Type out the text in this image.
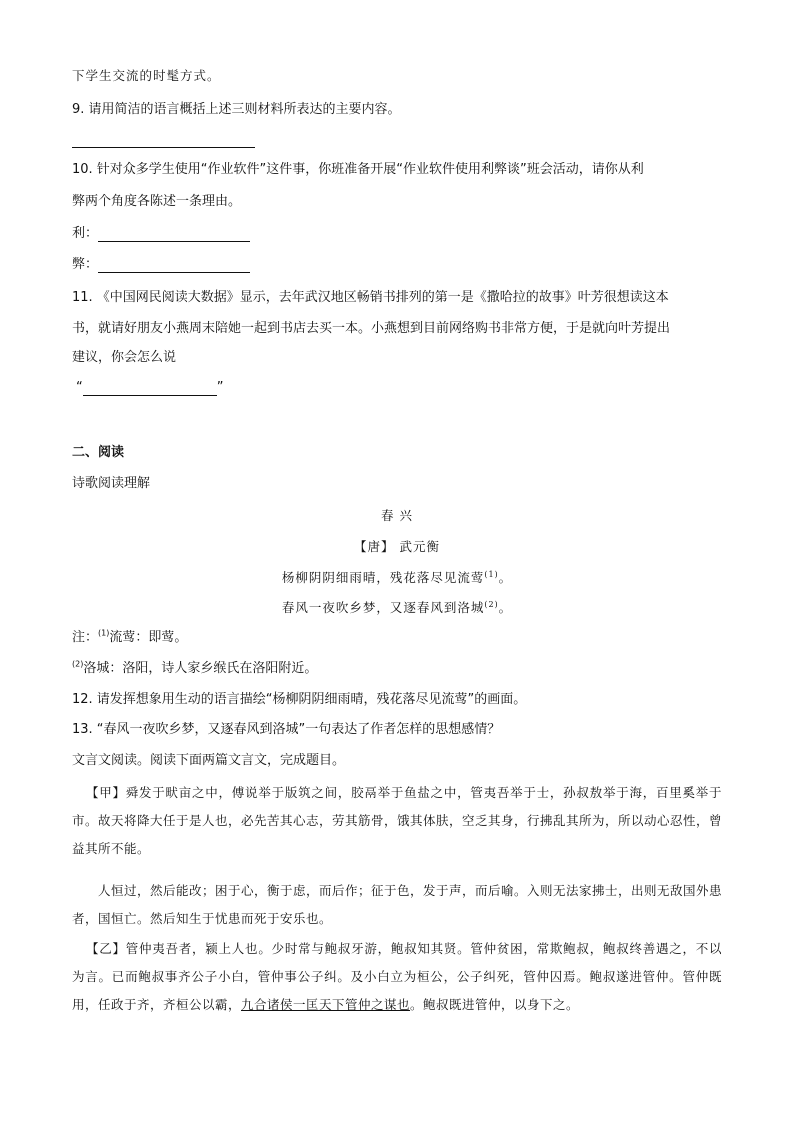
下学生交流的时髦方式。
9. 请用简洁的语言概括上述三则材料所表达的主要内容。
10. 针对众多学生使用“作业软件”这件事，你班准备开展“作业软件使用利弊谈”班会活动，请你从利
弊两个角度各陈述一条理由。
利：
弊：
11. 《中国网民阅读大数据》显示，去年武汉地区畅销书排列的第一是《撒哈拉的故事》叶芳很想读这本
书，就请好朋友小燕周末陪她一起到书店去买一本。小燕想到目前网络购书非常方便，于是就向叶芳提出
建议，你会怎么说
“	”
二、阅读
诗歌阅读理解
春 兴
【唐】 武元衡
杨柳阴阴细雨晴，残花落尽见流莺$^{(1)}$。
春风一夜吹乡梦，又逐春风到洛城$^{(2)}$。
注：$^{(1)}$流莺：即莺。
$^{(2)}$洛城：洛阳，诗人家乡缑氏在洛阳附近。
12. 请发挥想象用生动的语言描绘“杨柳阴阴细雨晴，残花落尽见流莺”的画面。
13. “春风一夜吹乡梦，又逐春风到洛城”一句表达了作者怎样的思想感情？
文言文阅读。阅读下面两篇文言文，完成题目。
【甲】舜发于畎亩之中，傅说举于版筑之间，胶鬲举于鱼盐之中，管夷吾举于士，孙叔敖举于海，百里奚举于市。故天将降大任于是人也，必先苦其心志，劳其筋骨，饿其体肤，空乏其身，行拂乱其所为，所以动心忍性，曾益其所不能。
人恒过，然后能改；困于心，衡于虑，而后作；征于色，发于声，而后喻。入则无法家拂士，出则无敌国外患者，国恒亡。然后知生于忧患而死于安乐也。
【乙】管仲夷吾者，颍上人也。少时常与鲍叔牙游，鲍叔知其贤。管仲贫困，常欺鲍叔，鲍叔终善遇之，不以为言。已而鲍叔事齐公子小白，管仲事公子纠。及小白立为桓公，公子纠死，管仲囚焉。鲍叔遂进管仲。管仲既用，任政于齐，齐桓公以霸，九合诸侯一匡天下管仲之谋也。鲍叔既进管仲，以身下之。
